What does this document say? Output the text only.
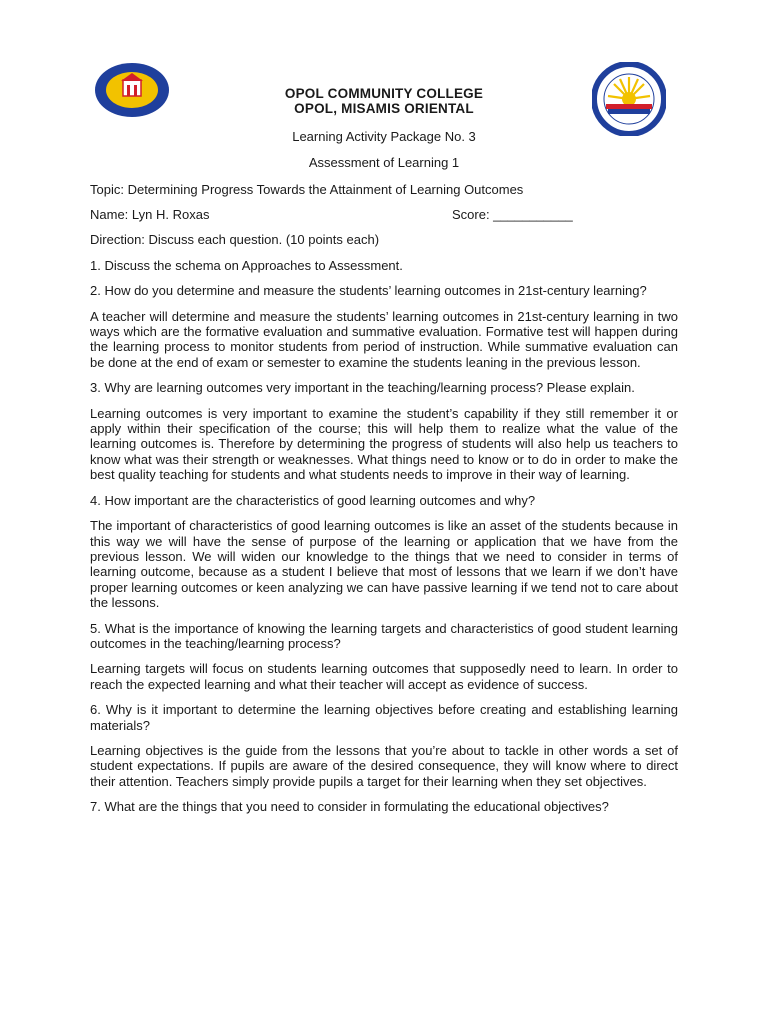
OPOL COMMUNITY COLLEGE
OPOL, MISAMIS ORIENTAL
Learning Activity Package No. 3
Assessment of Learning 1

Topic: Determining Progress Towards the Attainment of Learning Outcomes

Name: Lyn H. Roxas	Score: ___________

Direction: Discuss each question. (10 points each)

1. Discuss the schema on Approaches to Assessment.

2. How do you determine and measure the students’ learning outcomes in 21st-century learning?

A teacher will determine and measure the students’ learning outcomes in 21st-century learning in two ways which are the formative evaluation and summative evaluation. Formative test will happen during the learning process to monitor students from period of instruction. While summative evaluation can be done at the end of exam or semester to examine the students leaning in the previous lesson.

3. Why are learning outcomes very important in the teaching/learning process? Please explain.

Learning outcomes is very important to examine the student’s capability if they still remember it or apply within their specification of the course; this will help them to realize what the value of the learning outcomes is. Therefore by determining the progress of students will also help us teachers to know what was their strength or weaknesses. What things need to know or to do in order to make the best quality teaching for students and what students needs to improve in their way of learning.

4. How important are the characteristics of good learning outcomes and why?

The important of characteristics of good learning outcomes is like an asset of the students because in this way we will have the sense of purpose of the learning or application that we have from the previous lesson. We will widen our knowledge to the things that we need to consider in terms of learning outcome, because as a student I believe that most of lessons that we learn if we don’t have proper learning outcomes or keen analyzing we can have passive learning if we tend not to care about the lessons.

5. What is the importance of knowing the learning targets and characteristics of good student learning outcomes in the teaching/learning process?

Learning targets will focus on students learning outcomes that supposedly need to learn. In order to reach the expected learning and what their teacher will accept as evidence of success.

6. Why is it important to determine the learning objectives before creating and establishing learning materials?

Learning objectives is the guide from the lessons that you’re about to tackle in other words a set of student expectations. If pupils are aware of the desired consequence, they will know where to direct their attention. Teachers simply provide pupils a target for their learning when they set objectives.

7. What are the things that you need to consider in formulating the educational objectives?
